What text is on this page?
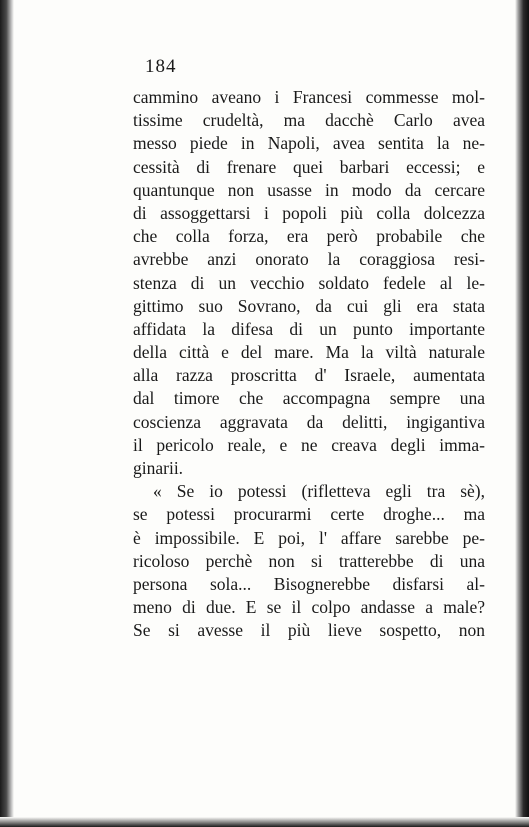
184
cammino aveano i Francesi commesse mol-
tissime crudeltà, ma dacchè Carlo avea
messo piede in Napoli, avea sentita la ne-
cessità di frenare quei barbari eccessi; e
quantunque non usasse in modo da cercare
di assoggettarsi i popoli più colla dolcezza
che colla forza, era però probabile che
avrebbe anzi onorato la coraggiosa resi-
stenza di un vecchio soldato fedele al le-
gittimo suo Sovrano, da cui gli era stata
affidata la difesa di un punto importante
della città e del mare. Ma la viltà naturale
alla razza proscritta d' Israele, aumentata
dal timore che accompagna sempre una
coscienza aggravata da delitti, ingigantiva
il pericolo reale, e ne creava degli imma-
ginarii.
« Se io potessi (rifletteva egli tra sè),
se potessi procurarmi certe droghe... ma
è impossibile. E poi, l' affare sarebbe pe-
ricoloso perchè non si tratterebbe di una
persona sola... Bisognerebbe disfarsi al-
meno di due. E se il colpo andasse a male?
Se si avesse il più lieve sospetto, non
